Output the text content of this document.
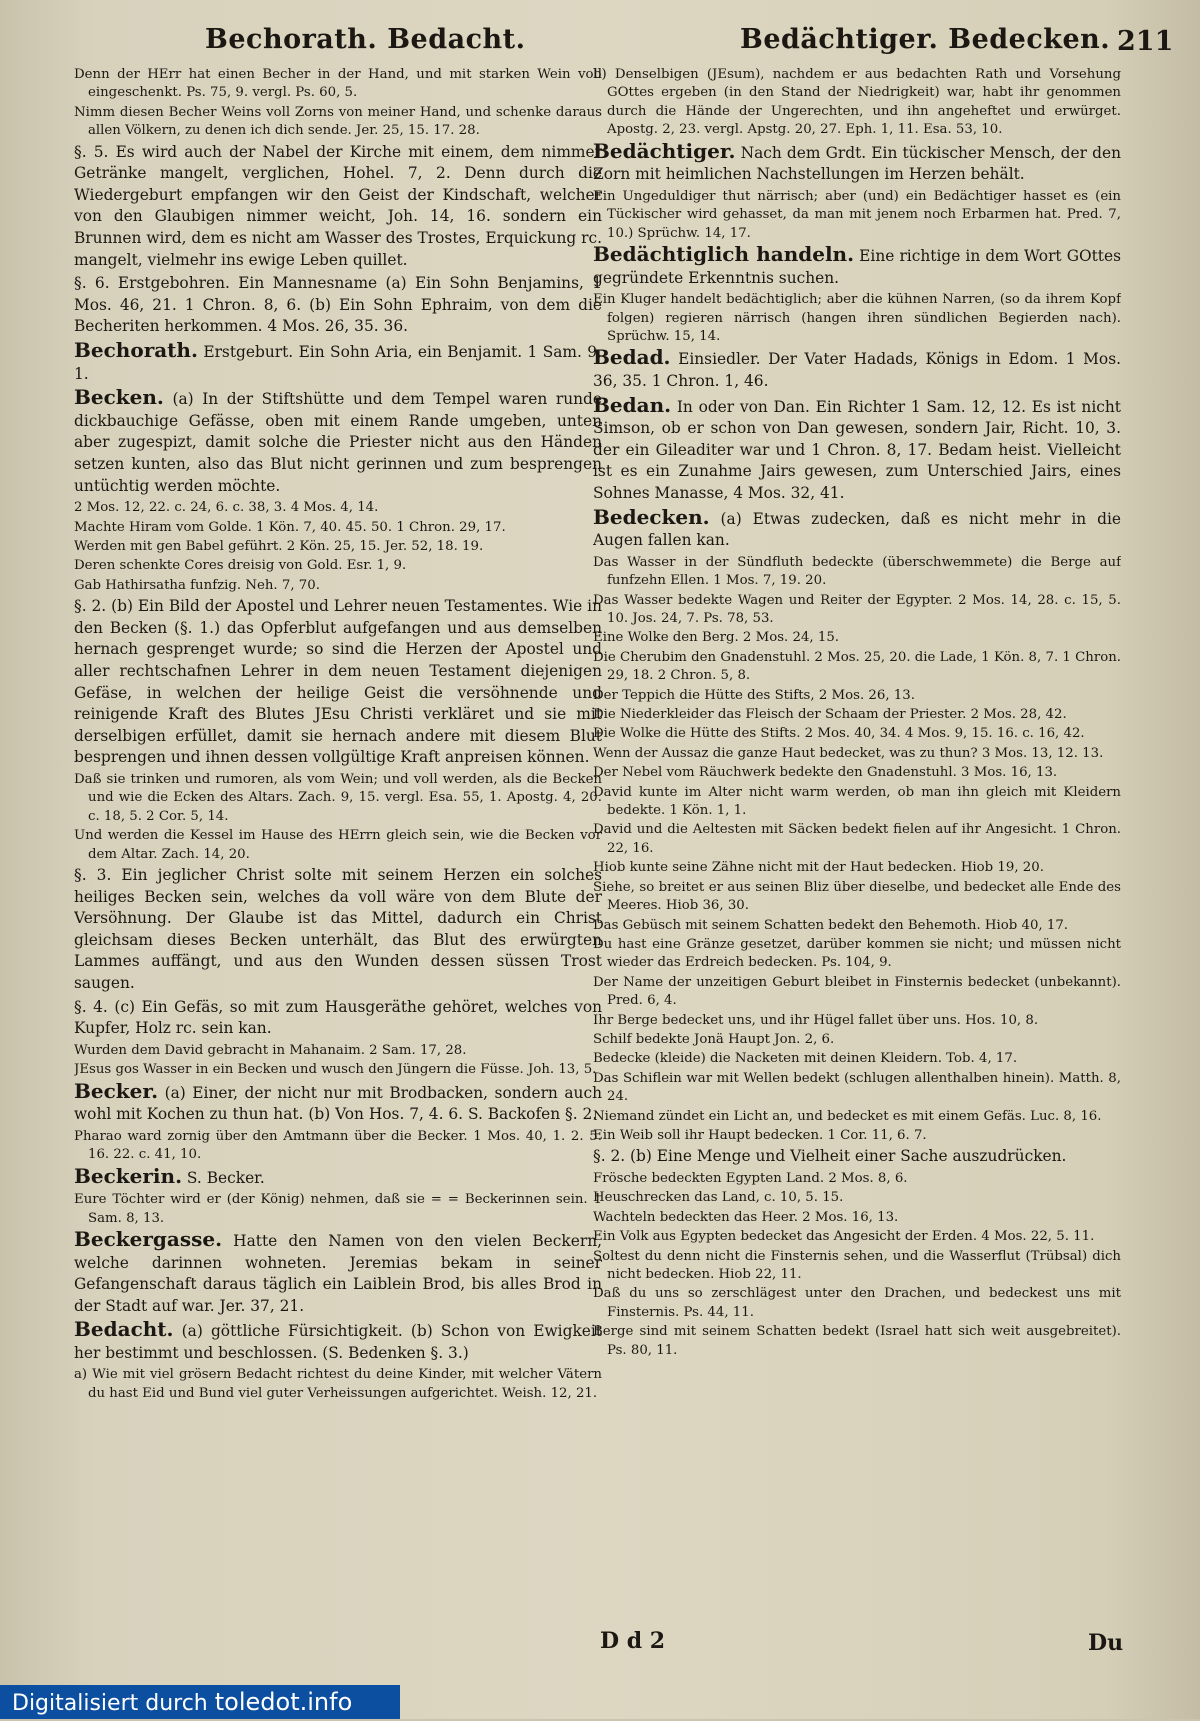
Bechorath. Bedacht.	Bedächtiger. Bedecken. 211
Denn der HErr hat einen Becher in der Hand, und mit starken Wein voll eingeschenkt. Ps. 75, 9. vergl. Ps. 60, 5.
Nimm diesen Becher Weins voll Zorns von meiner Hand, und schenke daraus allen Völkern, zu denen ich dich sende. Jer. 25, 15. 17. 28.
§. 5. Es wird auch der Nabel der Kirche mit einem, dem nimmer Getränke mangelt, verglichen, Hohel. 7, 2. Denn durch die Wiedergeburt empfangen wir den Geist der Kindschaft, welcher von den Glaubigen nimmer weicht, Joh. 14, 16. sondern ein Brunnen wird, dem es nicht am Wasser des Trostes, Erquickung rc. mangelt, vielmehr ins ewige Leben quillet.
§. 6. Erstgebohren. Ein Mannesname (a) Ein Sohn Benjamins, 1 Mos. 46, 21. 1 Chron. 8, 6. (b) Ein Sohn Ephraim, von dem die Becheriten herkommen. 4 Mos. 26, 35. 36.
Bechorath. Erstgeburt. Ein Sohn Aria, ein Benjamit. 1 Sam. 9, 1.
Becken. (a) In der Stiftshütte und dem Tempel waren runde dickbauchige Gefässe, oben mit einem Rande umgeben, unten aber zugespizt, damit solche die Priester nicht aus den Händen setzen kunten, also das Blut nicht gerinnen und zum besprengen untüchtig werden möchte.
2 Mos. 12, 22. c. 24, 6. c. 38, 3. 4 Mos. 4, 14.
Machte Hiram vom Golde. 1 Kön. 7, 40. 45. 50. 1 Chron. 29, 17.
Werden mit gen Babel geführt. 2 Kön. 25, 15. Jer. 52, 18. 19.
Deren schenkte Cores dreisig von Gold. Esr. 1, 9.
Gab Hathirsatha funfzig. Neh. 7, 70.
§. 2. (b) Ein Bild der Apostel und Lehrer neuen Testamentes. Wie in den Becken (§. 1.) das Opferblut aufgefangen und aus demselben hernach gesprenget wurde; so sind die Herzen der Apostel und aller rechtschafnen Lehrer in dem neuen Testament diejenigen Gefäse, in welchen der heilige Geist die versöhnende und reinigende Kraft des Blutes JEsu Christi verkläret und sie mit derselbigen erfüllet, damit sie hernach andere mit diesem Blut besprengen und ihnen dessen vollgültige Kraft anpreisen können.
Daß sie trinken und rumoren, als vom Wein; und voll werden, als die Becken und wie die Ecken des Altars. Zach. 9, 15. vergl. Esa. 55, 1. Apostg. 4, 20. c. 18, 5. 2 Cor. 5, 14.
Und werden die Kessel im Hause des HErrn gleich sein, wie die Becken vor dem Altar. Zach. 14, 20.
§. 3. Ein jeglicher Christ solte mit seinem Herzen ein solches heiliges Becken sein, welches da voll wäre von dem Blute der Versöhnung. Der Glaube ist das Mittel, dadurch ein Christ gleichsam dieses Becken unterhält, das Blut des erwürgten Lammes auffängt, und aus den Wunden dessen süssen Trost saugen.
§. 4. (c) Ein Gefäs, so mit zum Hausgeräthe gehöret, welches von Kupfer, Holz rc. sein kan.
Wurden dem David gebracht in Mahanaim. 2 Sam. 17, 28.
JEsus gos Wasser in ein Becken und wusch den Jüngern die Füsse. Joh. 13, 5.
Becker. (a) Einer, der nicht nur mit Brodbacken, sondern auch wohl mit Kochen zu thun hat. (b) Von Hos. 7, 4. 6. S. Backofen §. 2.
Pharao ward zornig über den Amtmann über die Becker. 1 Mos. 40, 1. 2. 5. 16. 22. c. 41, 10.
Beckerin. S. Becker.
Eure Töchter wird er (der König) nehmen, daß sie = = Beckerinnen sein. 1 Sam. 8, 13.
Beckergasse. Hatte den Namen von den vielen Beckern, welche darinnen wohneten. Jeremias bekam in seiner Gefangenschaft daraus täglich ein Laiblein Brod, bis alles Brod in der Stadt auf war. Jer. 37, 21.
Bedacht. (a) göttliche Fürsichtigkeit. (b) Schon von Ewigkeit her bestimmt und beschlossen. (S. Bedenken §. 3.)
a) Wie mit viel grösern Bedacht richtest du deine Kinder, mit welcher Vätern du hast Eid und Bund viel guter Verheissungen aufgerichtet. Weish. 12, 21.
b) Denselbigen (JEsum), nachdem er aus bedachten Rath und Vorsehung GOttes ergeben (in den Stand der Niedrigkeit) war, habt ihr genommen durch die Hände der Ungerechten, und ihn angeheftet und erwürget. Apostg. 2, 23. vergl. Apstg. 20, 27. Eph. 1, 11. Esa. 53, 10.
Bedächtiger. Nach dem Grdt. Ein tückischer Mensch, der den Zorn mit heimlichen Nachstellungen im Herzen behält.
Ein Ungeduldiger thut närrisch; aber (und) ein Bedächtiger hasset es (ein Tückischer wird gehasset, da man mit jenem noch Erbarmen hat. Pred. 7, 10.) Sprüchw. 14, 17.
Bedächtiglich handeln. Eine richtige in dem Wort GOttes gegründete Erkenntnis suchen.
Ein Kluger handelt bedächtiglich; aber die kühnen Narren, (so da ihrem Kopf folgen) regieren närrisch (hangen ihren sündlichen Begierden nach). Sprüchw. 15, 14.
Bedad. Einsiedler. Der Vater Hadads, Königs in Edom. 1 Mos. 36, 35. 1 Chron. 1, 46.
Bedan. In oder von Dan. Ein Richter 1 Sam. 12, 12. Es ist nicht Simson, ob er schon von Dan gewesen, sondern Jair, Richt. 10, 3. der ein Gileaditer war und 1 Chron. 8, 17. Bedam heist. Vielleicht ist es ein Zunahme Jairs gewesen, zum Unterschied Jairs, eines Sohnes Manasse, 4 Mos. 32, 41.
Bedecken. (a) Etwas zudecken, daß es nicht mehr in die Augen fallen kan.
Das Wasser in der Sündfluth bedeckte (überschwemmete) die Berge auf funfzehn Ellen. 1 Mos. 7, 19. 20.
Das Wasser bedekte Wagen und Reiter der Egypter. 2 Mos. 14, 28. c. 15, 5. 10. Jos. 24, 7. Ps. 78, 53.
Eine Wolke den Berg. 2 Mos. 24, 15.
Die Cherubim den Gnadenstuhl. 2 Mos. 25, 20. die Lade, 1 Kön. 8, 7. 1 Chron. 29, 18. 2 Chron. 5, 8.
Der Teppich die Hütte des Stifts, 2 Mos. 26, 13.
Die Niederkleider das Fleisch der Schaam der Priester. 2 Mos. 28, 42.
Die Wolke die Hütte des Stifts. 2 Mos. 40, 34. 4 Mos. 9, 15. 16. c. 16, 42.
Wenn der Aussaz die ganze Haut bedecket, was zu thun? 3 Mos. 13, 12. 13.
Der Nebel vom Räuchwerk bedekte den Gnadenstuhl. 3 Mos. 16, 13.
David kunte im Alter nicht warm werden, ob man ihn gleich mit Kleidern bedekte. 1 Kön. 1, 1.
David und die Aeltesten mit Säcken bedekt fielen auf ihr Angesicht. 1 Chron. 22, 16.
Hiob kunte seine Zähne nicht mit der Haut bedecken. Hiob 19, 20.
Siehe, so breitet er aus seinen Bliz über dieselbe, und bedecket alle Ende des Meeres. Hiob 36, 30.
Das Gebüsch mit seinem Schatten bedekt den Behemoth. Hiob 40, 17.
Du hast eine Gränze gesetzet, darüber kommen sie nicht; und müssen nicht wieder das Erdreich bedecken. Ps. 104, 9.
Der Name der unzeitigen Geburt bleibet in Finsternis bedecket (unbekannt). Pred. 6, 4.
Ihr Berge bedecket uns, und ihr Hügel fallet über uns. Hos. 10, 8.
Schilf bedekte Jonä Haupt Jon. 2, 6.
Bedecke (kleide) die Nacketen mit deinen Kleidern. Tob. 4, 17.
Das Schiflein war mit Wellen bedekt (schlugen allenthalben hinein). Matth. 8, 24.
Niemand zündet ein Licht an, und bedecket es mit einem Gefäs. Luc. 8, 16.
Ein Weib soll ihr Haupt bedecken. 1 Cor. 11, 6. 7.
§. 2. (b) Eine Menge und Vielheit einer Sache auszudrücken.
Frösche bedeckten Egypten Land. 2 Mos. 8, 6.
Heuschrecken das Land, c. 10, 5. 15.
Wachteln bedeckten das Heer. 2 Mos. 16, 13.
Ein Volk aus Egypten bedecket das Angesicht der Erden. 4 Mos. 22, 5. 11.
Soltest du denn nicht die Finsternis sehen, und die Wasserflut (Trübsal) dich nicht bedecken. Hiob 22, 11.
Daß du uns so zerschlägest unter den Drachen, und bedeckest uns mit Finsternis. Ps. 44, 11.
Berge sind mit seinem Schatten bedekt (Israel hatt sich weit ausgebreitet). Ps. 80, 11.
D d 2	Du
Digitalisiert durch toledot.info
